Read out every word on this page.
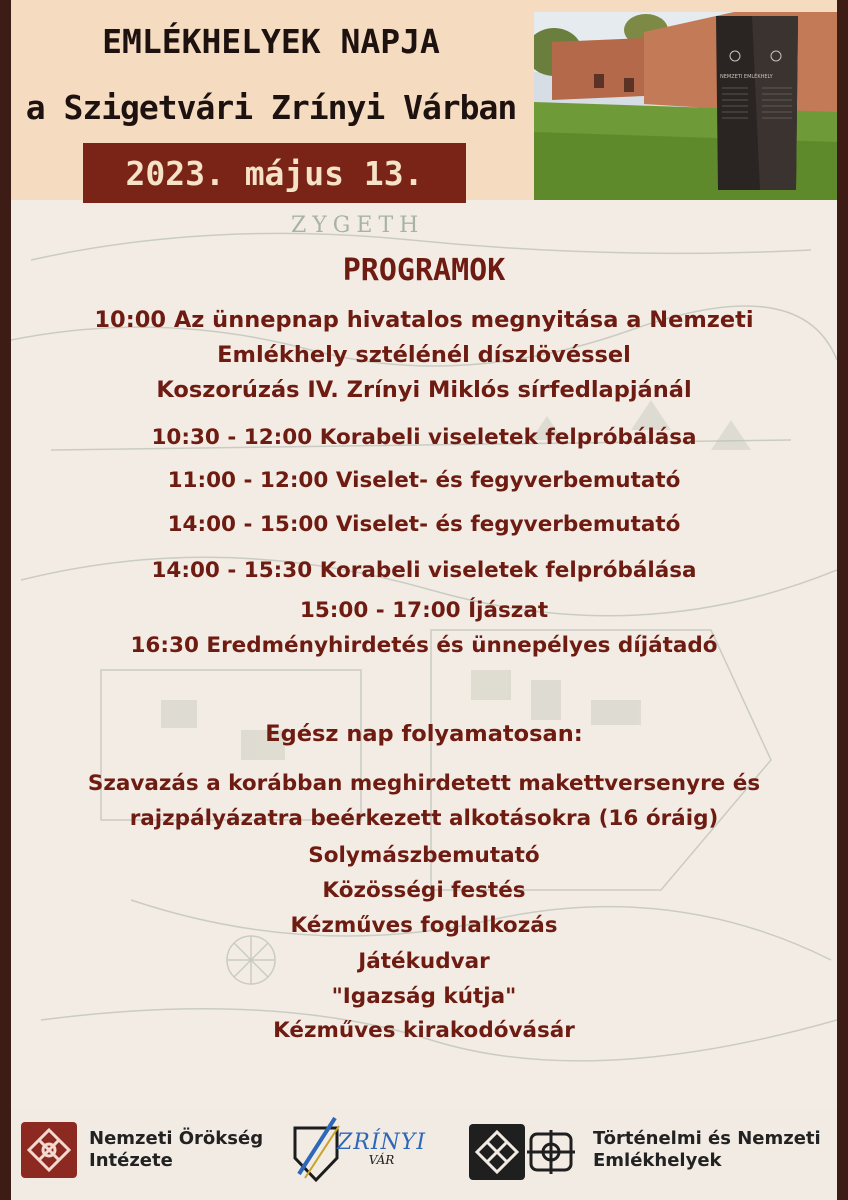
ZYGETH
EMLÉKHELYEK NAPJA
a Szigetvári Zrínyi Várban
2023. május 13.
NEMZETI EMLÉKHELY
PROGRAMOK
10:00 Az ünnepnap hivatalos megnyitása a Nemzeti
Emlékhely sztélénél díszlövéssel
Koszorúzás IV. Zrínyi Miklós sírfedlapjánál
10:30 - 12:00 Korabeli viseletek felpróbálása
11:00 - 12:00 Viselet- és fegyverbemutató
14:00 - 15:00 Viselet- és fegyverbemutató
14:00 - 15:30 Korabeli viseletek felpróbálása
15:00 - 17:00 Íjászat
16:30 Eredményhirdetés és ünnepélyes díjátadó
Egész nap folyamatosan:
Szavazás a korábban meghirdetett makettversenyre és
rajzpályázatra beérkezett alkotásokra (16 óráig)
Solymászbemutató
Közösségi festés
Kézműves foglalkozás
Játékudvar
"Igazság kútja"
Kézműves kirakodóvásár
Nemzeti Örökség
Intézete
ZRÍNYI
VÁR
Történelmi és Nemzeti
Emlékhelyek
